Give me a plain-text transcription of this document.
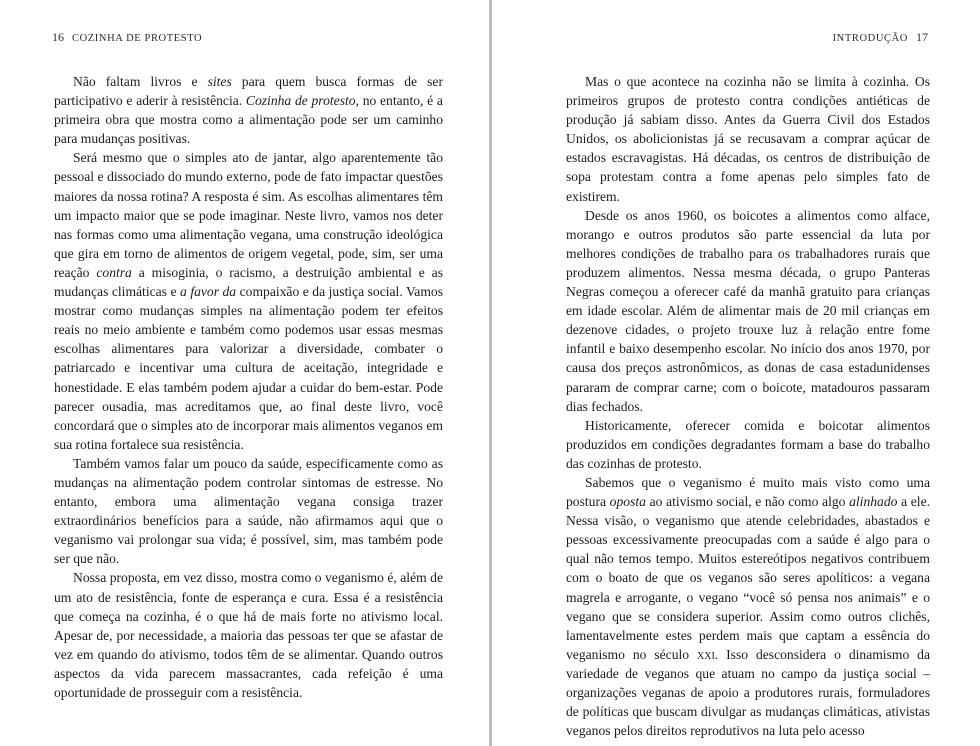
16 COZINHA DE PROTESTO

Não faltam livros e sites para quem busca formas de ser participativo e aderir à resistência. Cozinha de protesto, no entanto, é a primeira obra que mostra como a alimentação pode ser um caminho para mudanças positivas.

Será mesmo que o simples ato de jantar, algo aparentemente tão pessoal e dissociado do mundo externo, pode de fato impactar questões maiores da nossa rotina? A resposta é sim. As escolhas alimentares têm um impacto maior que se pode imaginar. Neste livro, vamos nos deter nas formas como uma alimentação vegana, uma construção ideológica que gira em torno de alimentos de origem vegetal, pode, sim, ser uma reação contra a misoginia, o racismo, a destruição ambiental e as mudanças climáticas e a favor da compaixão e da justiça social. Vamos mostrar como mudanças simples na alimentação podem ter efeitos reais no meio ambiente e também como podemos usar essas mesmas escolhas alimentares para valorizar a diversidade, combater o patriarcado e incentivar uma cultura de aceitação, integridade e honestidade. E elas também podem ajudar a cuidar do bem-estar. Pode parecer ousadia, mas acreditamos que, ao final deste livro, você concordará que o simples ato de incorporar mais alimentos veganos em sua rotina fortalece sua resistência.

Também vamos falar um pouco da saúde, especificamente como as mudanças na alimentação podem controlar sintomas de estresse. No entanto, embora uma alimentação vegana consiga trazer extraordinários benefícios para a saúde, não afirmamos aqui que o veganismo vai prolongar sua vida; é possível, sim, mas também pode ser que não.

Nossa proposta, em vez disso, mostra como o veganismo é, além de um ato de resistência, fonte de esperança e cura. Essa é a resistência que começa na cozinha, é o que há de mais forte no ativismo local. Apesar de, por necessidade, a maioria das pessoas ter que se afastar de vez em quando do ativismo, todos têm de se alimentar. Quando outros aspectos da vida parecem massacrantes, cada refeição é uma oportunidade de prosseguir com a resistência.

INTRODUÇÃO 17

Mas o que acontece na cozinha não se limita à cozinha. Os primeiros grupos de protesto contra condições antiéticas de produção já sabiam disso. Antes da Guerra Civil dos Estados Unidos, os abolicionistas já se recusavam a comprar açúcar de estados escravagistas. Há décadas, os centros de distribuição de sopa protestam contra a fome apenas pelo simples fato de existirem.

Desde os anos 1960, os boicotes a alimentos como alface, morango e outros produtos são parte essencial da luta por melhores condições de trabalho para os trabalhadores rurais que produzem alimentos. Nessa mesma década, o grupo Panteras Negras começou a oferecer café da manhã gratuito para crianças em idade escolar. Além de alimentar mais de 20 mil crianças em dezenove cidades, o projeto trouxe luz à relação entre fome infantil e baixo desempenho escolar. No início dos anos 1970, por causa dos preços astronômicos, as donas de casa estadunidenses pararam de comprar carne; com o boicote, matadouros passaram dias fechados.

Historicamente, oferecer comida e boicotar alimentos produzidos em condições degradantes formam a base do trabalho das cozinhas de protesto.

Sabemos que o veganismo é muito mais visto como uma postura oposta ao ativismo social, e não como algo alinhado a ele. Nessa visão, o veganismo que atende celebridades, abastados e pessoas excessivamente preocupadas com a saúde é algo para o qual não temos tempo. Muitos estereótipos negativos contribuem com o boato de que os veganos são seres apolíticos: a vegana magrela e arrogante, o vegano “você só pensa nos animais” e o vegano que se considera superior. Assim como outros clichês, lamentavelmente estes perdem mais que captam a essência do veganismo no século xxi. Isso desconsidera o dinamismo da variedade de veganos que atuam no campo da justiça social – organizações veganas de apoio a produtores rurais, formuladores de políticas que buscam divulgar as mudanças climáticas, ativistas veganos pelos direitos reprodutivos na luta pelo acesso
